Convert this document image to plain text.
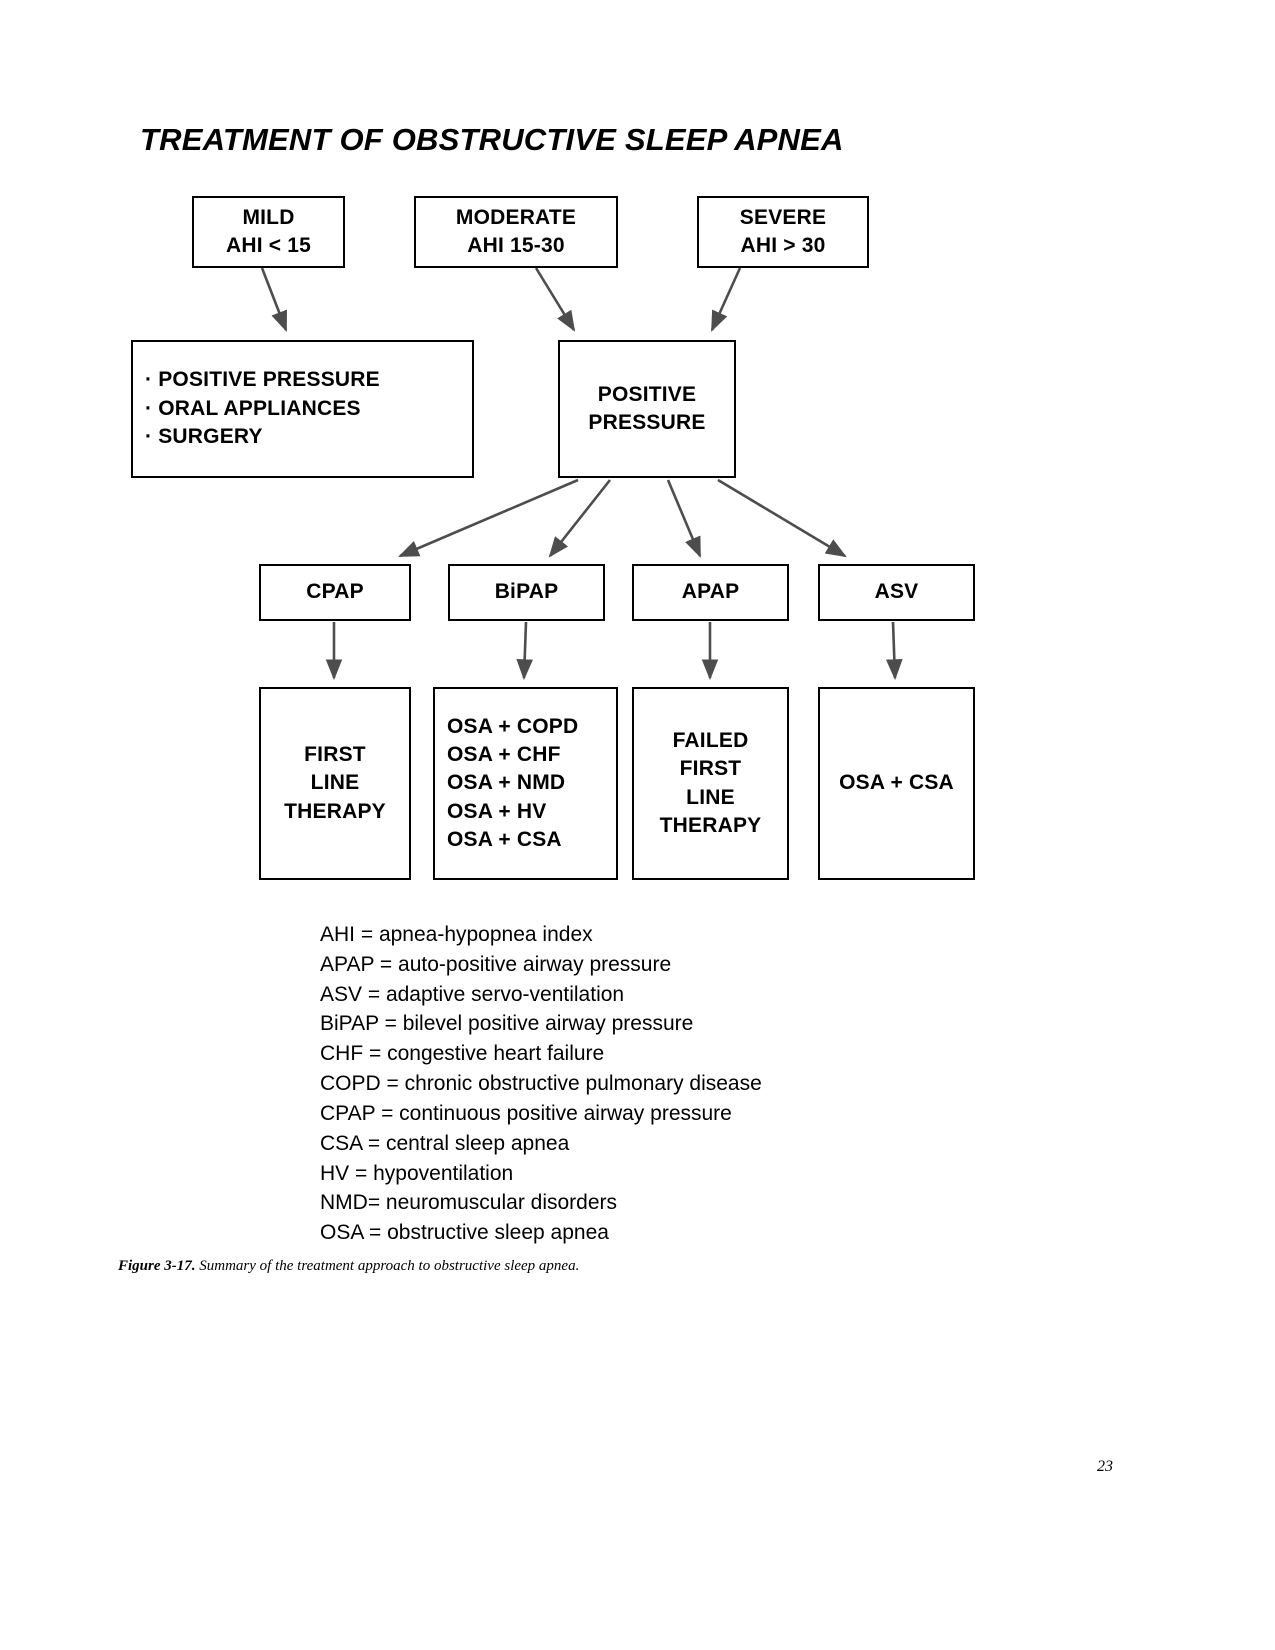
TREATMENT OF OBSTRUCTIVE SLEEP APNEA
MILD
AHI < 15
MODERATE
AHI 15-30
SEVERE
AHI > 30
· POSITIVE PRESSURE
· ORAL APPLIANCES
· SURGERY
POSITIVE
PRESSURE
CPAP	BiPAP	APAP	ASV
FIRST
LINE
THERAPY
OSA + COPD
OSA + CHF
OSA + NMD
OSA + HV
OSA + CSA
FAILED
FIRST
LINE
THERAPY
OSA + CSA
AHI = apnea-hypopnea index
APAP = auto-positive airway pressure
ASV = adaptive servo-ventilation
BiPAP = bilevel positive airway pressure
CHF = congestive heart failure
COPD = chronic obstructive pulmonary disease
CPAP = continuous positive airway pressure
CSA = central sleep apnea
HV = hypoventilation
NMD= neuromuscular disorders
OSA = obstructive sleep apnea
Figure 3-17. Summary of the treatment approach to obstructive sleep apnea.
23
